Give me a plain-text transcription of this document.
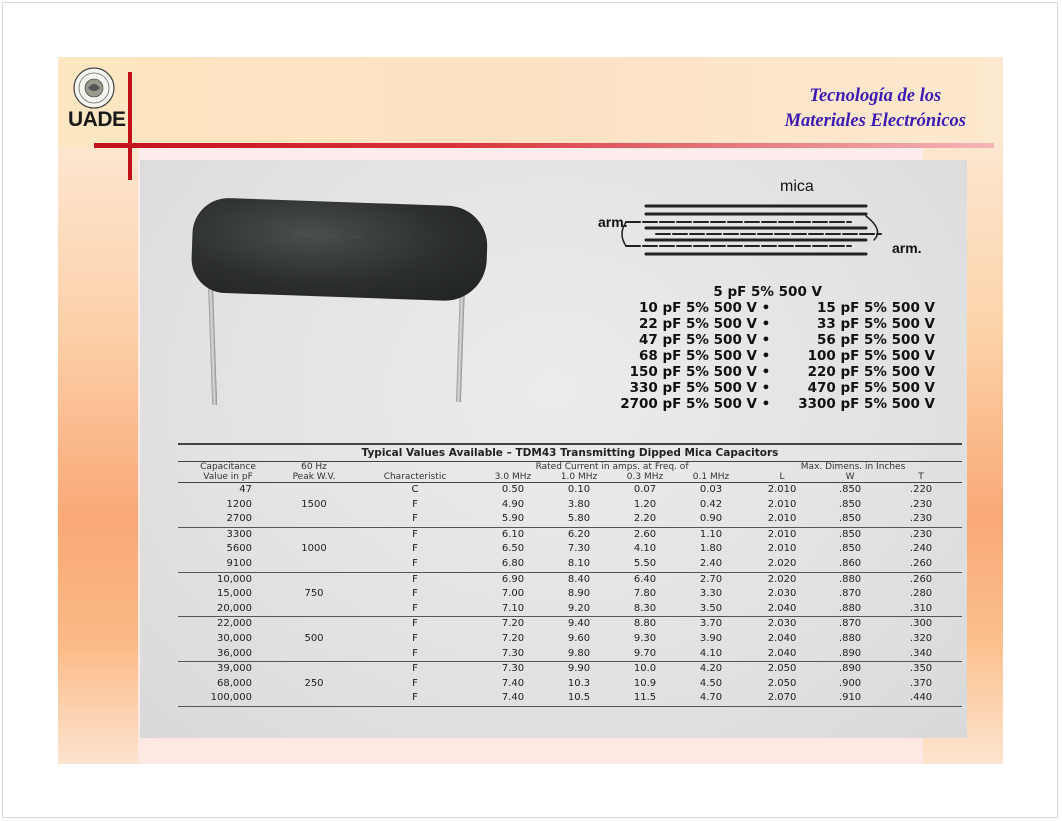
UADE
Tecnología de los
Materiales Electrónicos
——— —— ——
mica
arm.
arm.
5 pF 5% 500 V
10 pF 5% 500 V •	15 pF 5% 500 V
22 pF 5% 500 V •	33 pF 5% 500 V
47 pF 5% 500 V •	56 pF 5% 500 V
68 pF 5% 500 V •	100 pF 5% 500 V
150 pF 5% 500 V •	220 pF 5% 500 V
330 pF 5% 500 V •	470 pF 5% 500 V
2700 pF 5% 500 V •	3300 pF 5% 500 V
Typical Values Available – TDM43 Transmitting Dipped Mica Capacitors
Capacitance	60 Hz		Rated Current in amps. at Freq. of				Max. Dimens. in Inches		
Value in pF	Peak W.V.	Characteristic	3.0 MHz	1.0 MHz	0.3 MHz	0.1 MHz	L	W	T
47		C	0.50	0.10	0.07	0.03	2.010	.850	.220
1200	1500	F	4.90	3.80	1.20	0.42	2.010	.850	.230
2700		F	5.90	5.80	2.20	0.90	2.010	.850	.230
3300		F	6.10	6.20	2.60	1.10	2.010	.850	.230
5600	1000	F	6.50	7.30	4.10	1.80	2.010	.850	.240
9100		F	6.80	8.10	5.50	2.40	2.020	.860	.260
10,000		F	6.90	8.40	6.40	2.70	2.020	.880	.260
15,000	750	F	7.00	8.90	7.80	3.30	2.030	.870	.280
20,000		F	7.10	9.20	8.30	3.50	2.040	.880	.310
22,000		F	7.20	9.40	8.80	3.70	2.030	.870	.300
30,000	500	F	7.20	9.60	9.30	3.90	2.040	.880	.320
36,000		F	7.30	9.80	9.70	4.10	2.040	.890	.340
39,000		F	7.30	9.90	10.0	4.20	2.050	.890	.350
68,000	250	F	7.40	10.3	10.9	4.50	2.050	.900	.370
100,000		F	7.40	10.5	11.5	4.70	2.070	.910	.440
